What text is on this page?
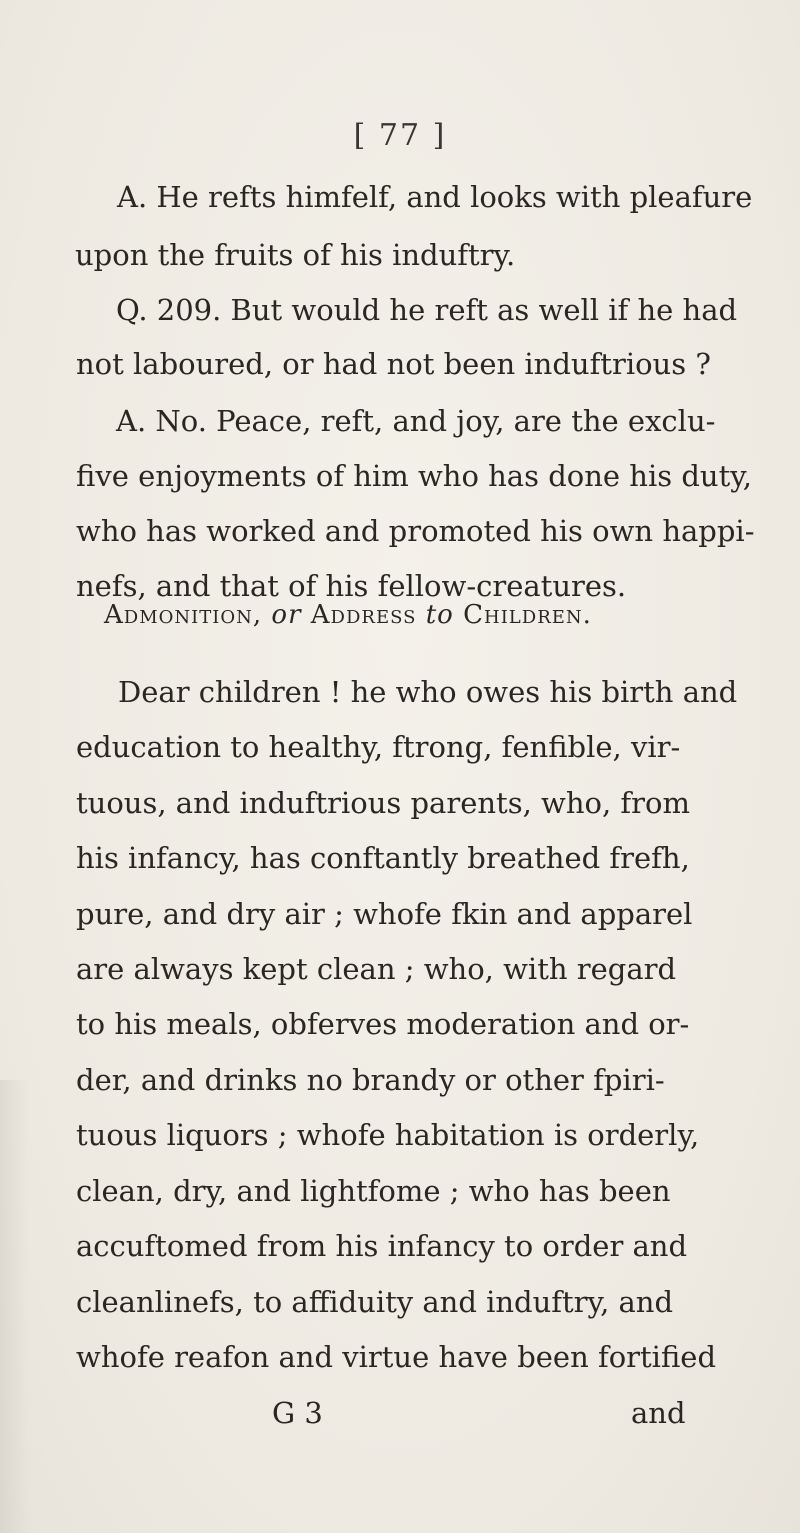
[ 77 ]
A. He refts himfelf, and looks with pleafure
upon the fruits of his induftry.
Q. 209. But would he reft as well if he had
not laboured, or had not been induftrious ?
A. No. Peace, reft, and joy, are the exclu-
five enjoyments of him who has done his duty,
who has worked and promoted his own happi-
nefs, and that of his fellow-creatures.
Admonition, or Address to Children.
Dear children ! he who owes his birth and
education to healthy, ftrong, fenfible, vir-
tuous, and induftrious parents, who, from
his infancy, has conftantly breathed frefh,
pure, and dry air ; whofe fkin and apparel
are always kept clean ; who, with regard
to his meals, obferves moderation and or-
der, and drinks no brandy or other fpiri-
tuous liquors ; whofe habitation is orderly,
clean, dry, and lightfome ; who has been
accuftomed from his infancy to order and
cleanlinefs, to affiduity and induftry, and
whofe reafon and virtue have been fortified
G 3	and
